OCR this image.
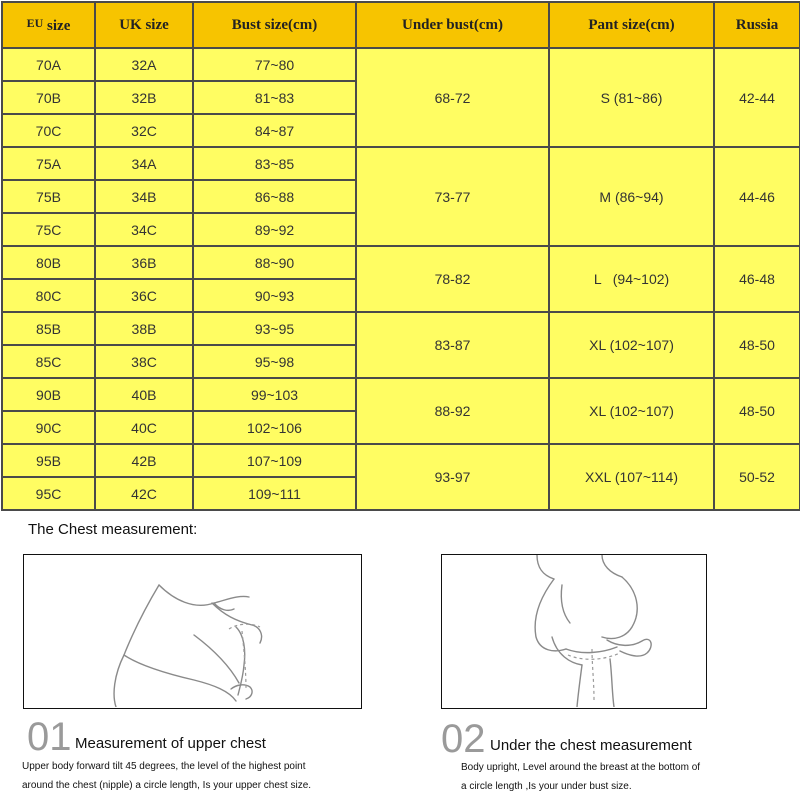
$^{EU}$ size	UK size	Bust size(cm)	Under bust(cm)	Pant size(cm)	Russia
70A	32A	77~80	68-72	S (81~86)	42-44
70B	32B	81~83			
70C	32C	84~87			
75A	34A	83~85	73-77	M (86~94)	44-46
75B	34B	86~88			
75C	34C	89~92			
80B	36B	88~90	78-82	L   (94~102)	46-48
80C	36C	90~93			
85B	38B	93~95	83-87	XL (102~107)	48-50
85C	38C	95~98			
90B	40B	99~103	88-92	XL (102~107)	48-50
90C	40C	102~106			
95B	42B	107~109	93-97	XXL (107~114)	50-52
95C	42C	109~111			

The Chest measurement:

01 Measurement of upper chest

Upper body forward tilt 45 degrees, the level of the highest point
around the chest (nipple) a circle length, Is your upper chest size.

02 Under the chest measurement

Body upright, Level around the breast at the bottom of
a circle length ,Is your under bust size.
